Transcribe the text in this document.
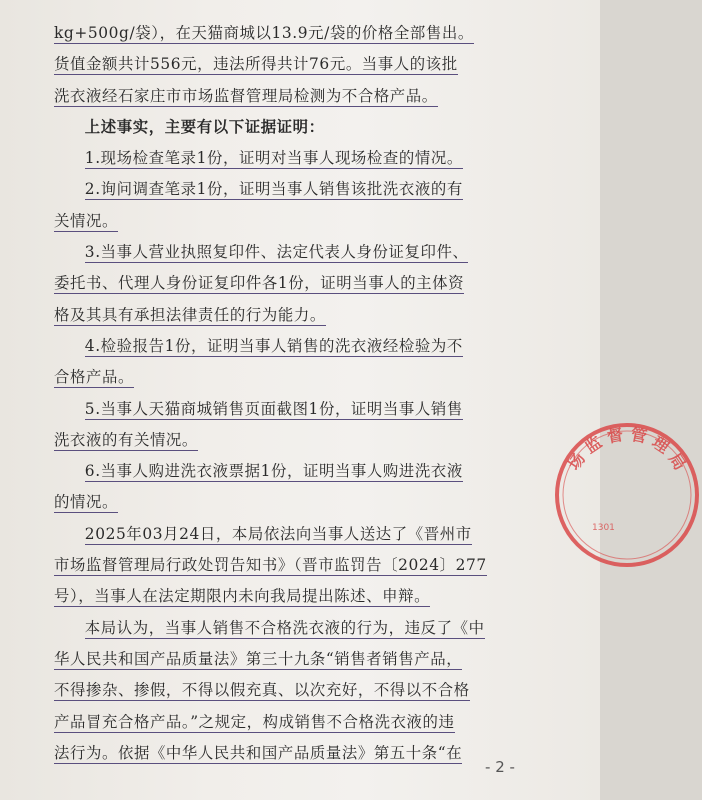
kg+500g/袋），在天猫商城以13.9元/袋的价格全部售出。

货值金额共计556元，违法所得共计76元。当事人的该批

洗衣液经石家庄市市场监督管理局检测为不合格产品。

上述事实，主要有以下证据证明：

1.现场检查笔录1份，证明对当事人现场检查的情况。

2.询问调查笔录1份，证明当事人销售该批洗衣液的有

关情况。

3.当事人营业执照复印件、法定代表人身份证复印件、

委托书、代理人身份证复印件各1份，证明当事人的主体资

格及其具有承担法律责任的行为能力。

4.检验报告1份，证明当事人销售的洗衣液经检验为不

合格产品。

5.当事人天猫商城销售页面截图1份，证明当事人销售

洗衣液的有关情况。

6.当事人购进洗衣液票据1份，证明当事人购进洗衣液

的情况。

2025年03月24日，本局依法向当事人送达了《晋州市

市场监督管理局行政处罚告知书》（晋市监罚告〔2024〕277

号），当事人在法定期限内未向我局提出陈述、申辩。

本局认为，当事人销售不合格洗衣液的行为，违反了《中

华人民共和国产品质量法》第三十九条“销售者销售产品，

不得掺杂、掺假，不得以假充真、以次充好，不得以不合格

产品冒充合格产品。”之规定，构成销售不合格洗衣液的违

法行为。依据《中华人民共和国产品质量法》第五十条“在

场 监 督 管 理 局
1301
- 2 -
